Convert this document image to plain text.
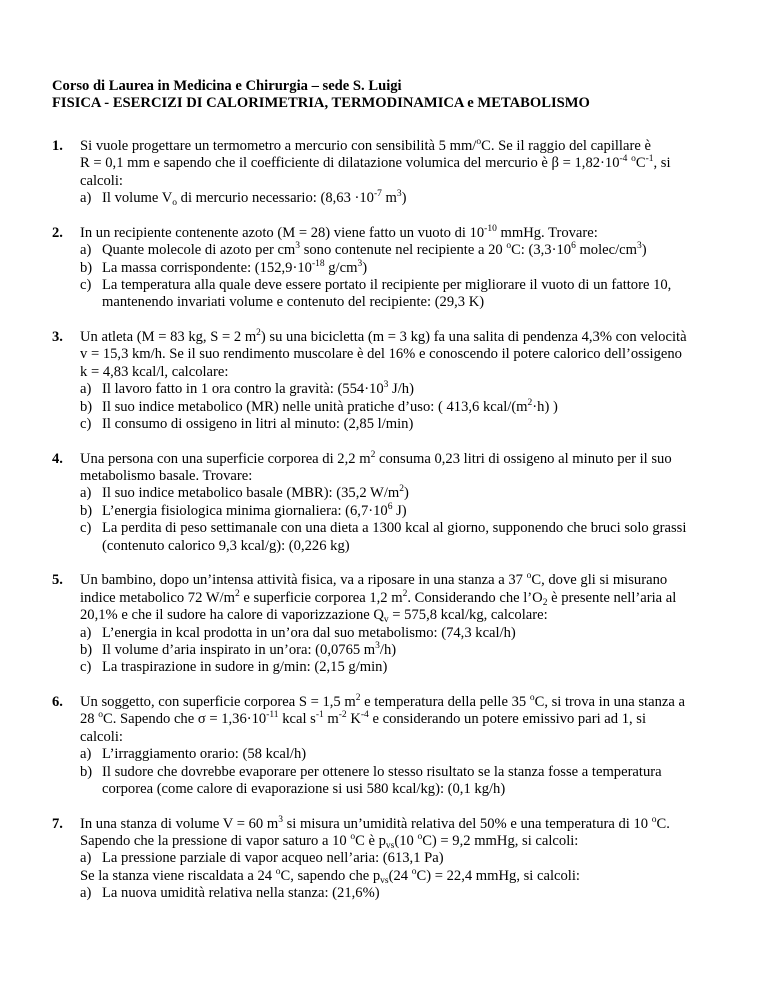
Corso di Laurea in Medicina e Chirurgia – sede S. Luigi
FISICA - ESERCIZI DI CALORIMETRIA, TERMODINAMICA e METABOLISMO
1. Si vuole progettare un termometro a mercurio con sensibilità 5 mm/$^o$C. Se il raggio del capillare è
R = 0,1 mm e sapendo che il coefficiente di dilatazione volumica del mercurio è $\beta = 1,82\cdot 10^{-4}$ $^oC^{-1}$, si
calcoli:
a) Il volume $V_o$ di mercurio necessario: ($8,63 \cdot 10^{-7}$ $m^3$)
2. In un recipiente contenente azoto (M = 28) viene fatto un vuoto di $10^{-10}$ mmHg. Trovare:
a) Quante molecole di azoto per $cm^3$ sono contenute nel recipiente a 20 $^o$C: ($3,3\cdot 10^6$ molec/$cm^3$)
b) La massa corrispondente: ($152,9\cdot 10^{-18}$ $g/cm^3$)
c) La temperatura alla quale deve essere portato il recipiente per migliorare il vuoto di un fattore 10,
mantenendo invariati volume e contenuto del recipiente: (29,3 K)
3. Un atleta (M = 83 kg, S = 2 $m^2$) su una bicicletta (m = 3 kg) fa una salita di pendenza 4,3% con velocità
v = 15,3 km/h. Se il suo rendimento muscolare è del 16% e conoscendo il potere calorico dell’ossigeno
k = 4,83 kcal/l, calcolare:
a) Il lavoro fatto in 1 ora contro la gravità: ($554\cdot 10^3$ J/h)
b) Il suo indice metabolico (MR) nelle unità pratiche d’uso: ( 413,6 kcal/$(m^2\cdot h)$ )
c) Il consumo di ossigeno in litri al minuto: (2,85 l/min)
4. Una persona con una superficie corporea di 2,2 $m^2$ consuma 0,23 litri di ossigeno al minuto per il suo
metabolismo basale. Trovare:
a) Il suo indice metabolico basale (MBR): (35,2 $W/m^2$)
b) L’energia fisiologica minima giornaliera: ($6,7\cdot 10^6$ J)
c) La perdita di peso settimanale con una dieta a 1300 kcal al giorno, supponendo che bruci solo grassi
(contenuto calorico 9,3 kcal/g): (0,226 kg)
5. Un bambino, dopo un’intensa attività fisica, va a riposare in una stanza a 37 $^o$C, dove gli si misurano
indice metabolico 72 $W/m^2$ e superficie corporea 1,2 $m^2$. Considerando che $l’O_2$ è presente nell’aria al
20,1% e che il sudore ha calore di vaporizzazione $Q_v = 575,8$ kcal/kg, calcolare:
a) L’energia in kcal prodotta in un’ora dal suo metabolismo: (74,3 kcal/h)
b) Il volume d’aria inspirato in un’ora: (0,0765 $m^3/h$)
c) La traspirazione in sudore in g/min: (2,15 g/min)
6. Un soggetto, con superficie corporea S = 1,5 $m^2$ e temperatura della pelle 35 $^o$C, si trova in una stanza a
28 $^o$C. Sapendo che $\sigma = 1,36\cdot 10^{-11}$ kcal $s^{-1}$ $m^{-2}$ $K^{-4}$ e considerando un potere emissivo pari ad 1, si
calcoli:
a) L’irraggiamento orario: (58 kcal/h)
b) Il sudore che dovrebbe evaporare per ottenere lo stesso risultato se la stanza fosse a temperatura
corporea (come calore di evaporazione si usi 580 kcal/kg): (0,1 kg/h)
7. In una stanza di volume V = 60 $m^3$ si misura un’umidità relativa del 50% e una temperatura di 10 $^o$C.
Sapendo che la pressione di vapor saturo a 10 $^o$C è $p_{vs}(10$ $^o$C) = 9,2 mmHg, si calcoli:
a) La pressione parziale di vapor acqueo nell’aria: (613,1 Pa)
Se la stanza viene riscaldata a 24 $^o$C, sapendo che $p_{vs}(24$ $^o$C) = 22,4 mmHg, si calcoli:
a) La nuova umidità relativa nella stanza: (21,6%)
